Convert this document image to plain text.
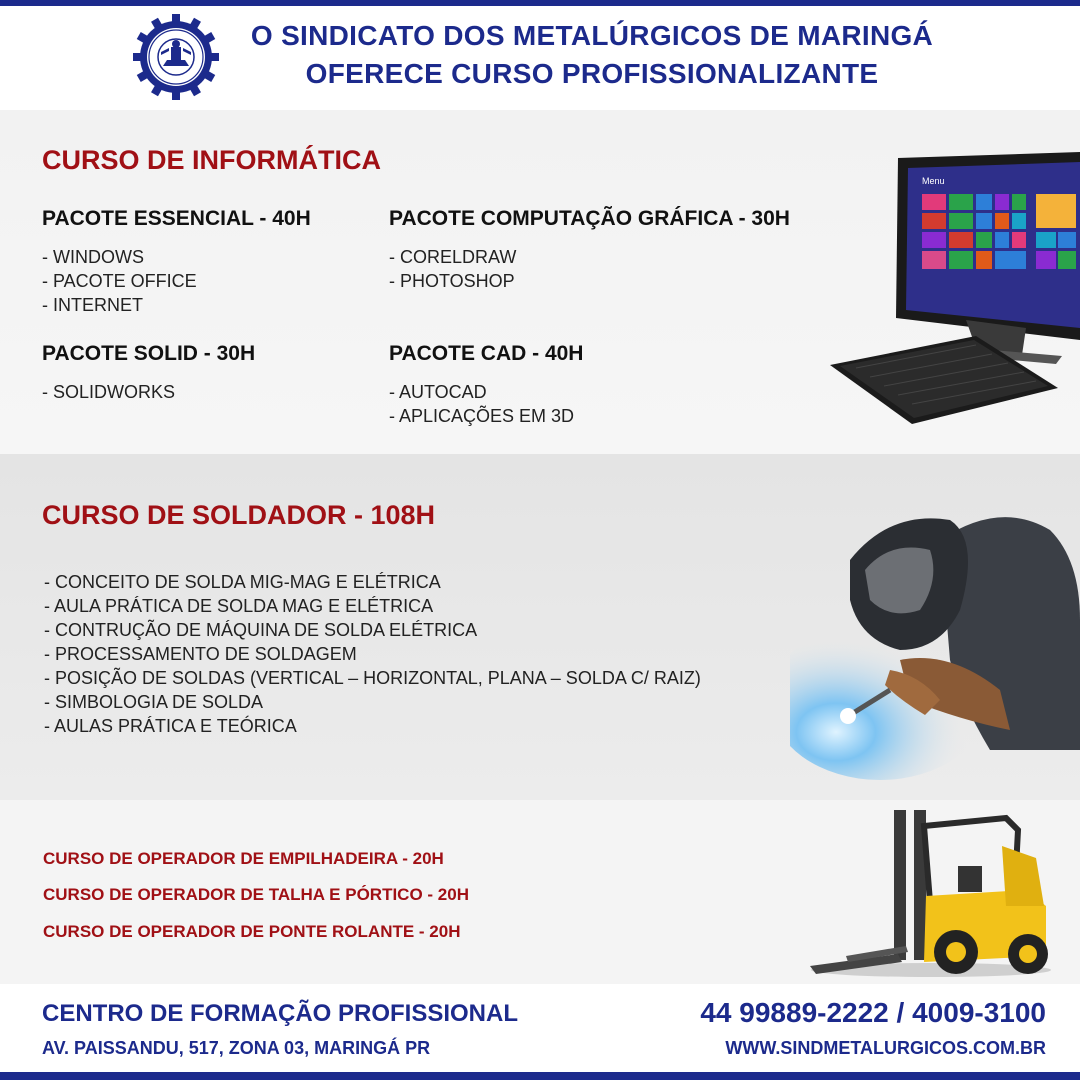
O SINDICATO DOS METALÚRGICOS DE MARINGÁ
OFERECE CURSO PROFISSIONALIZANTE
CURSO DE INFORMÁTICA
PACOTE ESSENCIAL - 40H
- WINDOWS
- PACOTE OFFICE
- INTERNET
PACOTE COMPUTAÇÃO GRÁFICA - 30H
- CORELDRAW
- PHOTOSHOP
PACOTE SOLID - 30H
- SOLIDWORKS
PACOTE CAD - 40H
- AUTOCAD
- APLICAÇÕES EM 3D
Menu
CURSO DE SOLDADOR - 108H
- CONCEITO DE SOLDA MIG-MAG E ELÉTRICA
- AULA PRÁTICA DE SOLDA MAG E ELÉTRICA
- CONTRUÇÃO DE MÁQUINA DE SOLDA ELÉTRICA
- PROCESSAMENTO DE SOLDAGEM
- POSIÇÃO DE SOLDAS (VERTICAL – HORIZONTAL, PLANA – SOLDA C/ RAIZ)
- SIMBOLOGIA DE SOLDA
- AULAS PRÁTICA E TEÓRICA
CURSO DE OPERADOR DE EMPILHADEIRA - 20H
CURSO DE OPERADOR DE TALHA E PÓRTICO - 20H
CURSO DE OPERADOR DE PONTE ROLANTE - 20H
CENTRO DE FORMAÇÃO PROFISSIONAL
AV. PAISSANDU, 517, ZONA 03, MARINGÁ PR
44 99889-2222 / 4009-3100
WWW.SINDMETALURGICOS.COM.BR
